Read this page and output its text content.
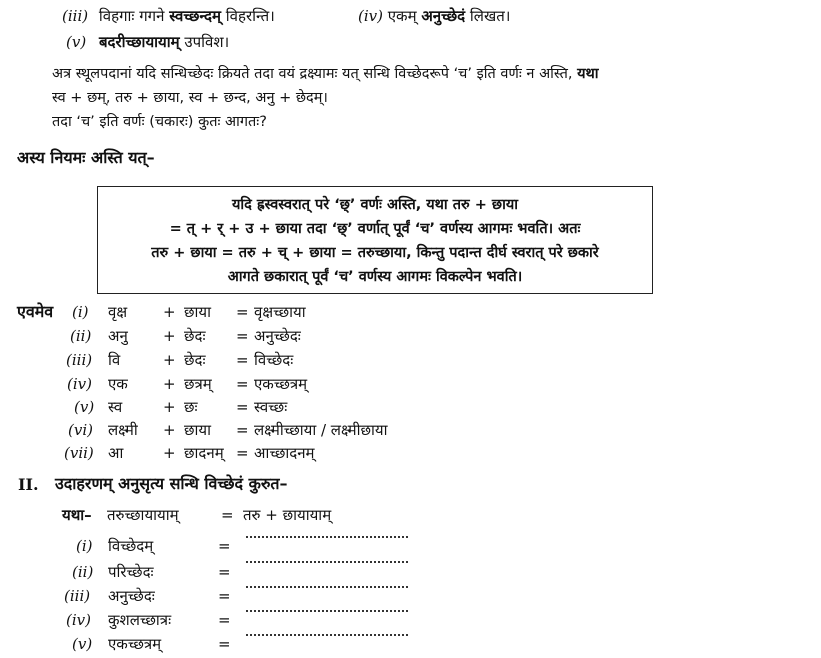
(iii) विहगाः गगने स्वच्छन्दम् विहरन्ति।	(iv) एकम् अनुच्छेदं लिखत।
(v) बदरीच्छायायाम् उपविश।
अत्र स्थूलपदानां यदि सन्धिच्छेदः क्रियते तदा वयं द्रक्ष्यामः यत् सन्धि विच्छेदरूपे ‘च’ इति वर्णः न अस्ति, यथा
स्व + छम्, तरु + छाया, स्व + छन्द, अनु + छेदम्।
तदा ‘च’ इति वर्णः (चकारः) कुतः आगतः?
अस्य नियमः अस्ति यत्–
यदि ह्रस्वस्वरात् परे ‘छ्’ वर्णः अस्ति, यथा तरु + छाया
= त् + र् + उ + छाया तदा ‘छ्’ वर्णात् पूर्वं ‘च’ वर्णस्य आगमः भवति। अतः
तरु + छाया = तरु + च् + छाया = तरुच्छाया, किन्तु पदान्त दीर्घ स्वरात् परे छकारे
आगते छकारात् पूर्वं ‘च’ वर्णस्य आगमः विकल्पेन भवति।
एवमेव (i) वृक्ष + छाया = वृक्षच्छाया
(ii) अनु + छेदः = अनुच्छेदः
(iii) वि	+ छेदः = विच्छेदः
(iv) एक + छत्रम् = एकच्छत्रम्
(v) स्व	+ छः	= स्वच्छः
(vi) लक्ष्मी + छाया = लक्ष्मीच्छाया / लक्ष्मीछाया
(vii) आ	+ छादनम् = आच्छादनम्
II. उदाहरणम् अनुसृत्य सन्धि विच्छेदं कुरुत–
यथा– तरुच्छायायाम्	= तरु + छायायाम्
(i) विच्छेदम्	=
(ii) परिच्छेदः	=
(iii) अनुच्छेदः	=
(iv) कुशलच्छात्रः	=
(v) एकच्छत्रम्	=
